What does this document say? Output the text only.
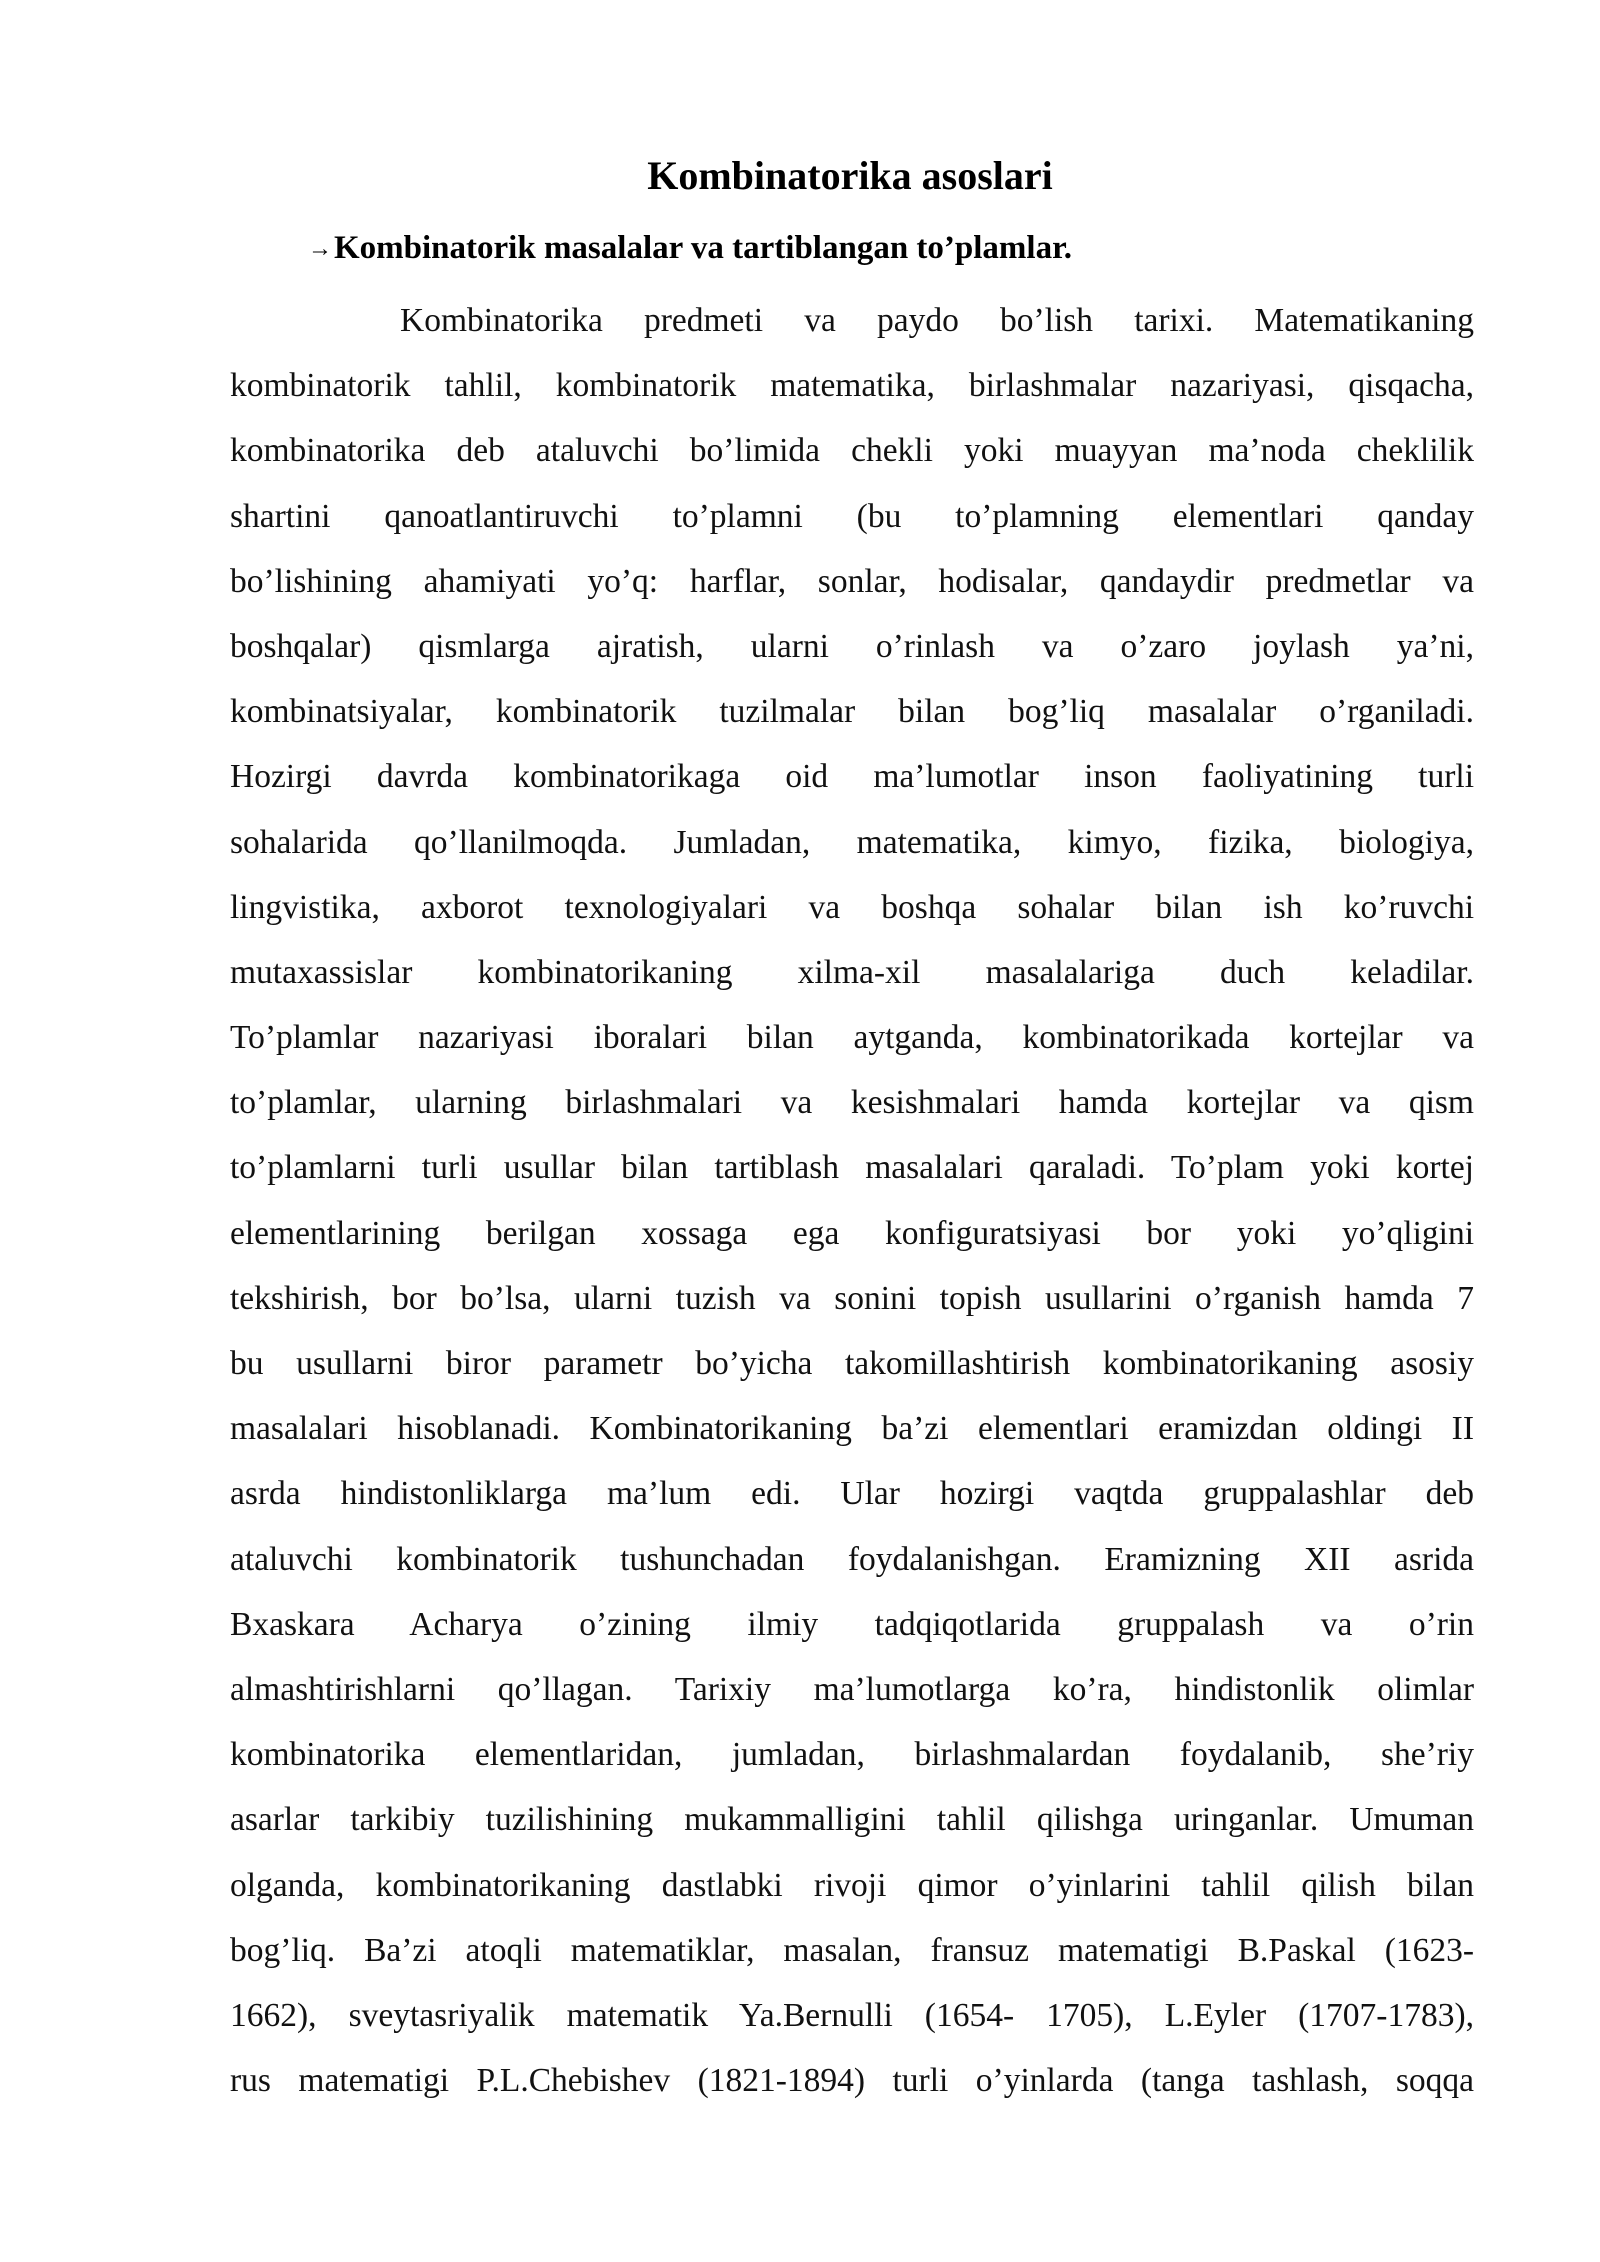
Kombinatorika asoslari
→Kombinatorik masalalar va tartiblangan to’plamlar.
Kombinatorika predmeti va paydo bo’lish tarixi. Matematikaning
kombinatorik tahlil, kombinatorik matematika, birlashmalar nazariyasi, qisqacha,
kombinatorika deb ataluvchi bo’limida chekli yoki muayyan ma’noda cheklilik
shartini qanoatlantiruvchi to’plamni (bu to’plamning elementlari qanday
bo’lishining ahamiyati yo’q: harflar, sonlar, hodisalar, qandaydir predmetlar va
boshqalar) qismlarga ajratish, ularni o’rinlash va o’zaro joylash ya’ni,
kombinatsiyalar, kombinatorik tuzilmalar bilan bog’liq masalalar o’rganiladi.
Hozirgi davrda kombinatorikaga oid ma’lumotlar inson faoliyatining turli
sohalarida qo’llanilmoqda. Jumladan, matematika, kimyo, fizika, biologiya,
lingvistika, axborot texnologiyalari va boshqa sohalar bilan ish ko’ruvchi
mutaxassislar kombinatorikaning xilma-xil masalalariga duch keladilar.
To’plamlar nazariyasi iboralari bilan aytganda, kombinatorikada kortejlar va
to’plamlar, ularning birlashmalari va kesishmalari hamda kortejlar va qism
to’plamlarni turli usullar bilan tartiblash masalalari qaraladi. To’plam yoki kortej
elementlarining berilgan xossaga ega konfiguratsiyasi bor yoki yo’qligini
tekshirish, bor bo’lsa, ularni tuzish va sonini topish usullarini o’rganish hamda 7
bu usullarni biror parametr bo’yicha takomillashtirish kombinatorikaning asosiy
masalalari hisoblanadi. Kombinatorikaning ba’zi elementlari eramizdan oldingi II
asrda hindistonliklarga ma’lum edi. Ular hozirgi vaqtda gruppalashlar deb
ataluvchi kombinatorik tushunchadan foydalanishgan. Eramizning XII asrida
Bxaskara Acharya o’zining ilmiy tadqiqotlarida gruppalash va o’rin
almashtirishlarni qo’llagan. Tarixiy ma’lumotlarga ko’ra, hindistonlik olimlar
kombinatorika elementlaridan, jumladan, birlashmalardan foydalanib, she’riy
asarlar tarkibiy tuzilishining mukammalligini tahlil qilishga uringanlar. Umuman
olganda, kombinatorikaning dastlabki rivoji qimor o’yinlarini tahlil qilish bilan
bog’liq. Ba’zi atoqli matematiklar, masalan, fransuz matematigi B.Paskal (1623-
1662), sveytasriyalik matematik Ya.Bernulli (1654- 1705), L.Eyler (1707-1783),
rus matematigi P.L.Chebishev (1821-1894) turli o’yinlarda (tanga tashlash, soqqa
